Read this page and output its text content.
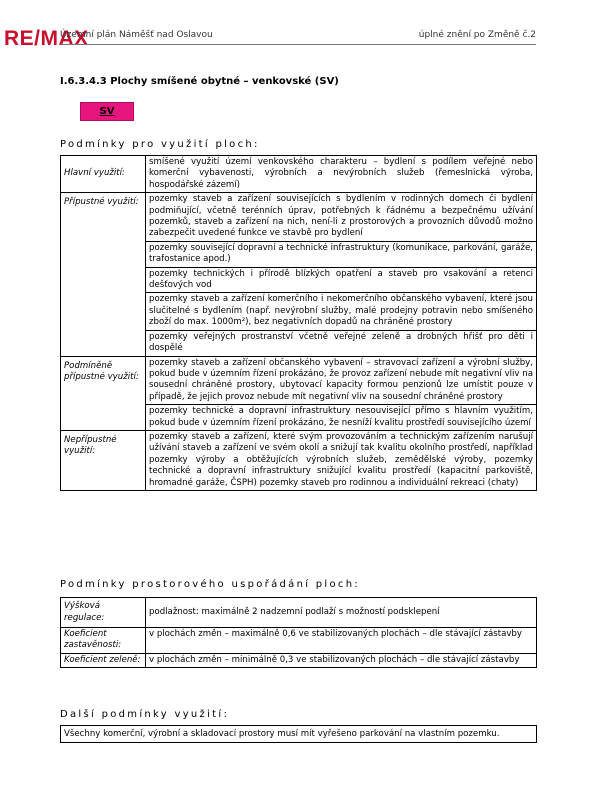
RE/MAX
Územní plán Náměšť nad Oslavou	úplné znění po Změně č.2
I.6.3.4.3 Plochy smíšené obytné – venkovské (SV)
SV
Podmínky pro využití ploch:
Hlavní využití:	smíšené využití území venkovského charakteru – bydlení s podílem veřejné nebo komerční vybavenosti, výrobních a nevýrobních služeb (řemeslnická výroba, hospodářské zázemí)
Přípustné využití:	pozemky staveb a zařízení souvisejících s bydlením v rodinných domech či bydlení podmiňující, včetně terénních úprav, potřebných k řádnému a bezpečnému užívání pozemků, staveb a zařízení na nich, není-li z prostorových a provozních důvodů možno zabezpečit uvedené funkce ve stavbě pro bydlení
	pozemky související dopravní a technické infrastruktury (komunikace, parkování, garáže, trafostanice apod.)
	pozemky technických i přírodě blízkých opatření a staveb pro vsakování a retenci dešťových vod
	pozemky staveb a zařízení komerčního i nekomerčního občanského vybavení, které jsou slučitelné s bydlením (např. nevýrobní služby, malé prodejny potravin nebo smíšeného zboží do max. 1000m²), bez negativních dopadů na chráněné prostory
	pozemky veřejných prostranství včetně veřejné zeleně a drobných hřišť pro děti i dospělé
Podmíněně přípustné využití:	pozemky staveb a zařízení občanského vybavení – stravovací zařízení a výrobní služby, pokud bude v územním řízení prokázáno, že provoz zařízení nebude mít negativní vliv na sousední chráněné prostory, ubytovací kapacity formou penzionů lze umístit pouze v případě, že jejich provoz nebude mít negativní vliv na sousední chráněné prostory
	pozemky technické a dopravní infrastruktury nesouvisející přímo s hlavním využitím, pokud bude v územním řízení prokázáno, že nesníží kvalitu prostředí souvisejícího území
Nepřípustné využití:	pozemky staveb a zařízení, které svým provozováním a technickým zařízením narušují užívání staveb a zařízení ve svém okolí a snižují tak kvalitu okolního prostředí, například pozemky výroby a obtěžujících výrobních služeb, zemědělské výroby, pozemky technické a dopravní infrastruktury snižující kvalitu prostředí (kapacitní parkoviště, hromadné garáže, ČSPH) pozemky staveb pro rodinnou a individuální rekreaci (chaty)
Podmínky prostorového uspořádání ploch:
Výšková regulace:	podlažnost: maximálně 2 nadzemní podlaží s možností podsklepení
Koeficient zastavěnosti:	v plochách změn – maximálně 0,6 ve stabilizovaných plochách – dle stávající zástavby
Koeficient zeleně:	v plochách změn – minimálně 0,3 ve stabilizovaných plochách – dle stávající zástavby
Další podmínky využití:
Všechny komerční, výrobní a skladovací prostory musí mít vyřešeno parkování na vlastním pozemku.
